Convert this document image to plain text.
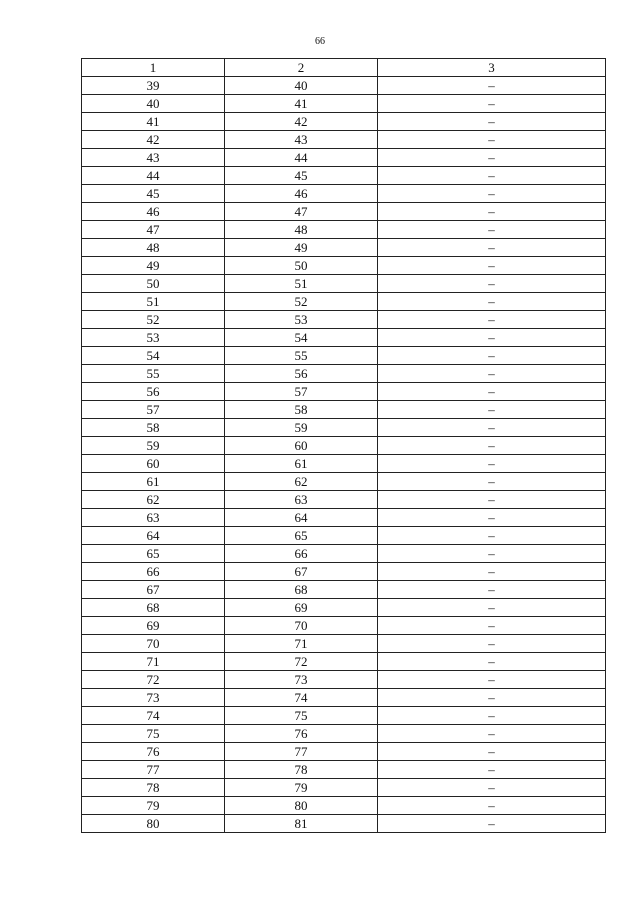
66
1	2	3
39	40	–
40	41	–
41	42	–
42	43	–
43	44	–
44	45	–
45	46	–
46	47	–
47	48	–
48	49	–
49	50	–
50	51	–
51	52	–
52	53	–
53	54	–
54	55	–
55	56	–
56	57	–
57	58	–
58	59	–
59	60	–
60	61	–
61	62	–
62	63	–
63	64	–
64	65	–
65	66	–
66	67	–
67	68	–
68	69	–
69	70	–
70	71	–
71	72	–
72	73	–
73	74	–
74	75	–
75	76	–
76	77	–
77	78	–
78	79	–
79	80	–
80	81	–
